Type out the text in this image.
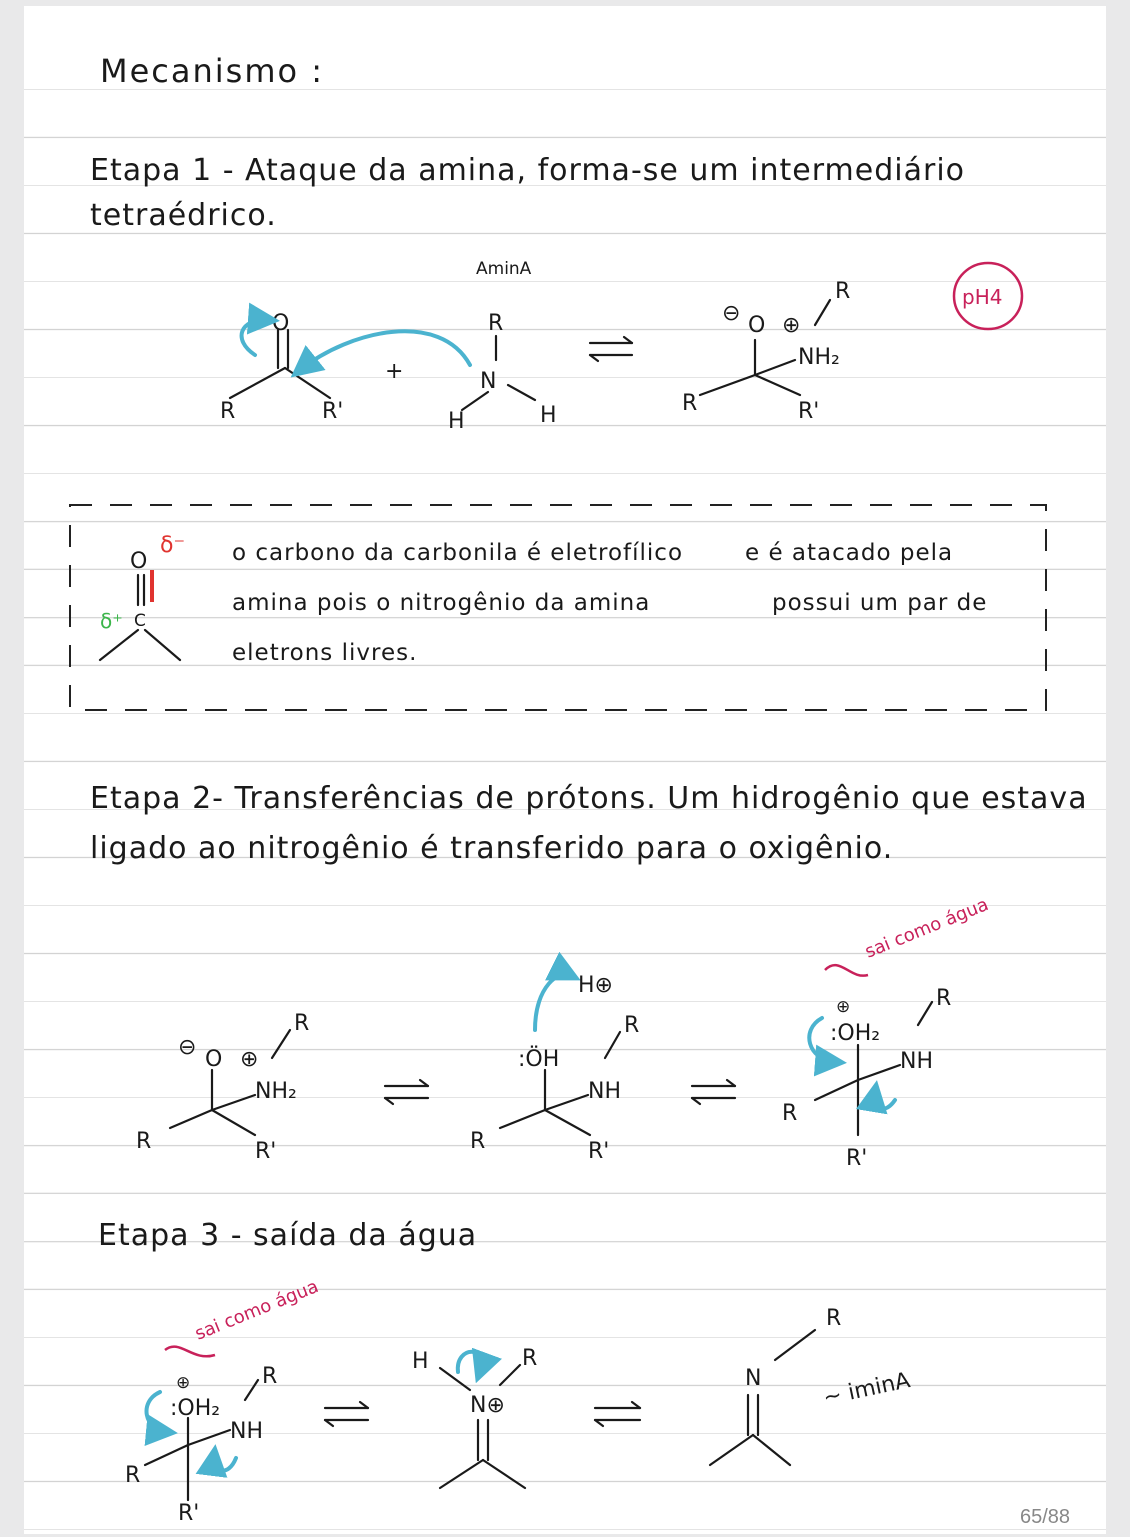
Mecanismo :
Etapa 1 - Ataque da amina, forma-se um intermediário
tetraédrico.
O
R	R'
+
AminA
R
N
H	H
⊖ O ⊕
R
NH₂
R	R'
pH4
O
δ⁻
δ⁺ C
o carbono da carbonila é eletrofílico	e é atacado pela
amina pois o nitrogênio da amina	possui um par de
eletrons livres.
Etapa 2- Transferências de prótons. Um hidrogênio que estava
ligado ao nitrogênio é transferido para o oxigênio.
⊖ O ⊕
R
NH₂
R	R'
:ÖH
R
NH
R	R'
H⊕
⊕
:OH₂
R
NH
R
R'
sai como água
Etapa 3 - saída da água
⊕
:OH₂
R
NH
R
R'
sai como água
H	R
N⊕
N
R
~ iminA
65/88
